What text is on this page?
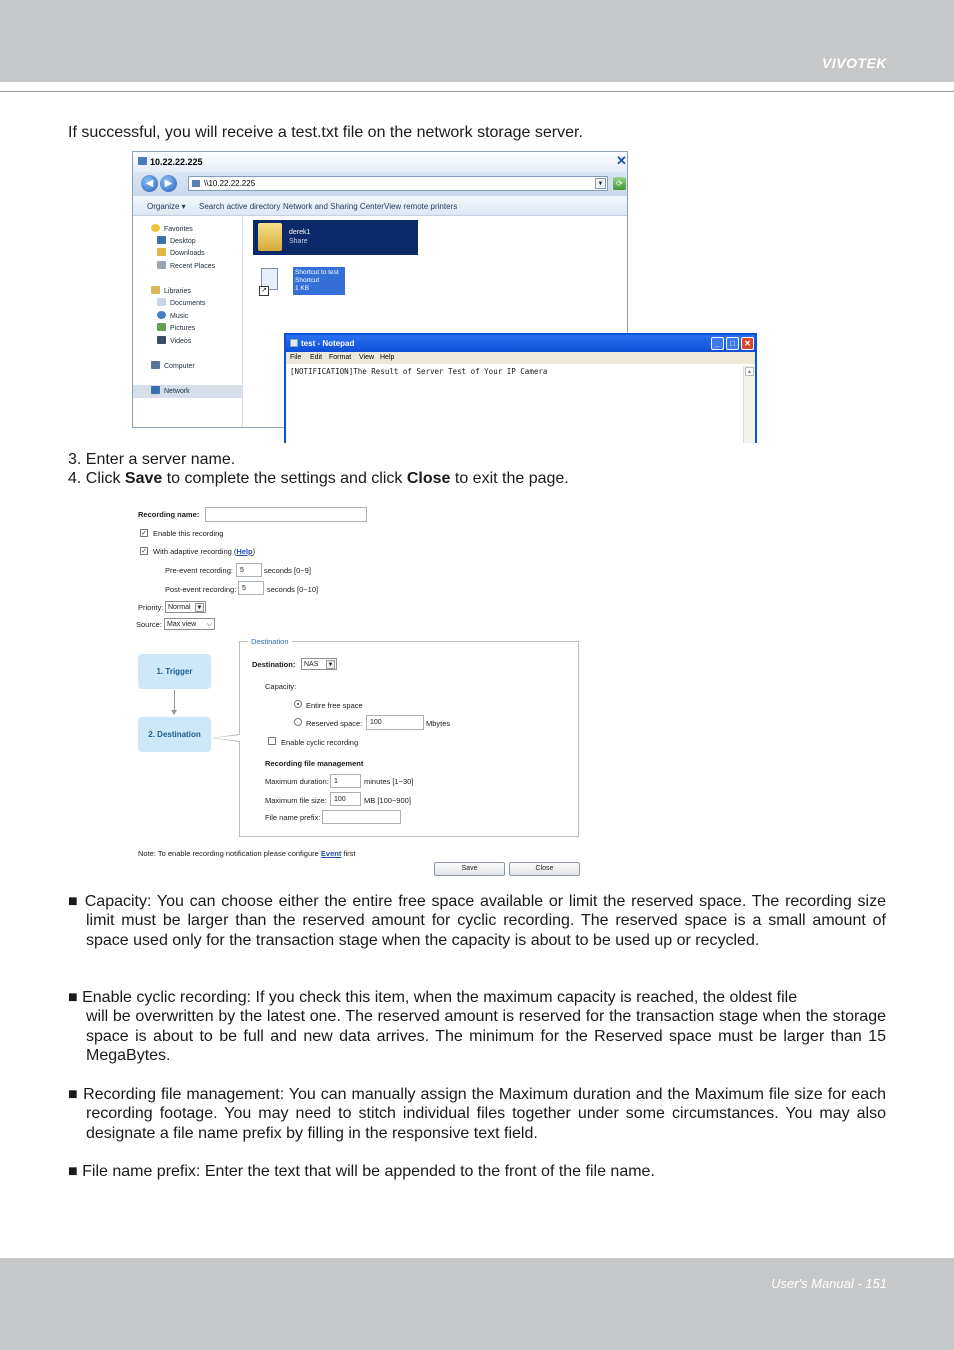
VIVOTEK
If successful, you will receive a test.txt file on the network storage server.
10.22.22.225	✕
◀	▶	\\10.22.22.225	▼	⟳
Organize ▾ Search active directory Network and Sharing Center View remote printers
Favorites
Desktop
Downloads
Recent Places
Libraries
Documents
Music
Pictures
Videos
Computer
Network
derek1
Share
↗
Shortcut to test
Shortcut
1 KB
test - Notepad	_	□	✕
File Edit Format View Help
[NOTIFICATION]The Result of Server Test of Your IP Camera	▲
3. Enter a server name.
4. Click Save to complete the settings and click Close to exit the page.
Recording name:
✓ Enable this recording
✓ With adaptive recording (Help)
Pre-event recording:	5	seconds [0~9]
Post-event recording: 5	seconds [0~10]
Priority: Normal ▼
Source: Max view ⌵
1. Trigger
2. Destination
Destination
Destination:	NAS ▼
Capacity:
Entire free space
Reserved space:	100	Mbytes
Enable cyclic recording
Recording file management
Maximum duration: 1	minutes [1~30]
Maximum file size:	100	MB [100~900]
File name prefix:
Note: To enable recording notification please configure Event first
Save	Close
■ Capacity: You can choose either the entire free space available or limit the reserved space. The recording size limit must be larger than the reserved amount for cyclic recording. The reserved space is a small amount of space used only for the transaction stage when the capacity is about to be used up or recycled.
■ Enable cyclic recording: If you check this item, when the maximum capacity is reached, the oldest file
will be overwritten by the latest one. The reserved amount is reserved for the transaction stage when the storage space is about to be full and new data arrives. The minimum for the Reserved space must be larger than 15 MegaBytes.
■ Recording file management: You can manually assign the Maximum duration and the Maximum file size for each recording footage. You may need to stitch individual files together under some circumstances. You may also designate a file name prefix by filling in the responsive text field.
■ File name prefix: Enter the text that will be appended to the front of the file name.
User's Manual - 151
